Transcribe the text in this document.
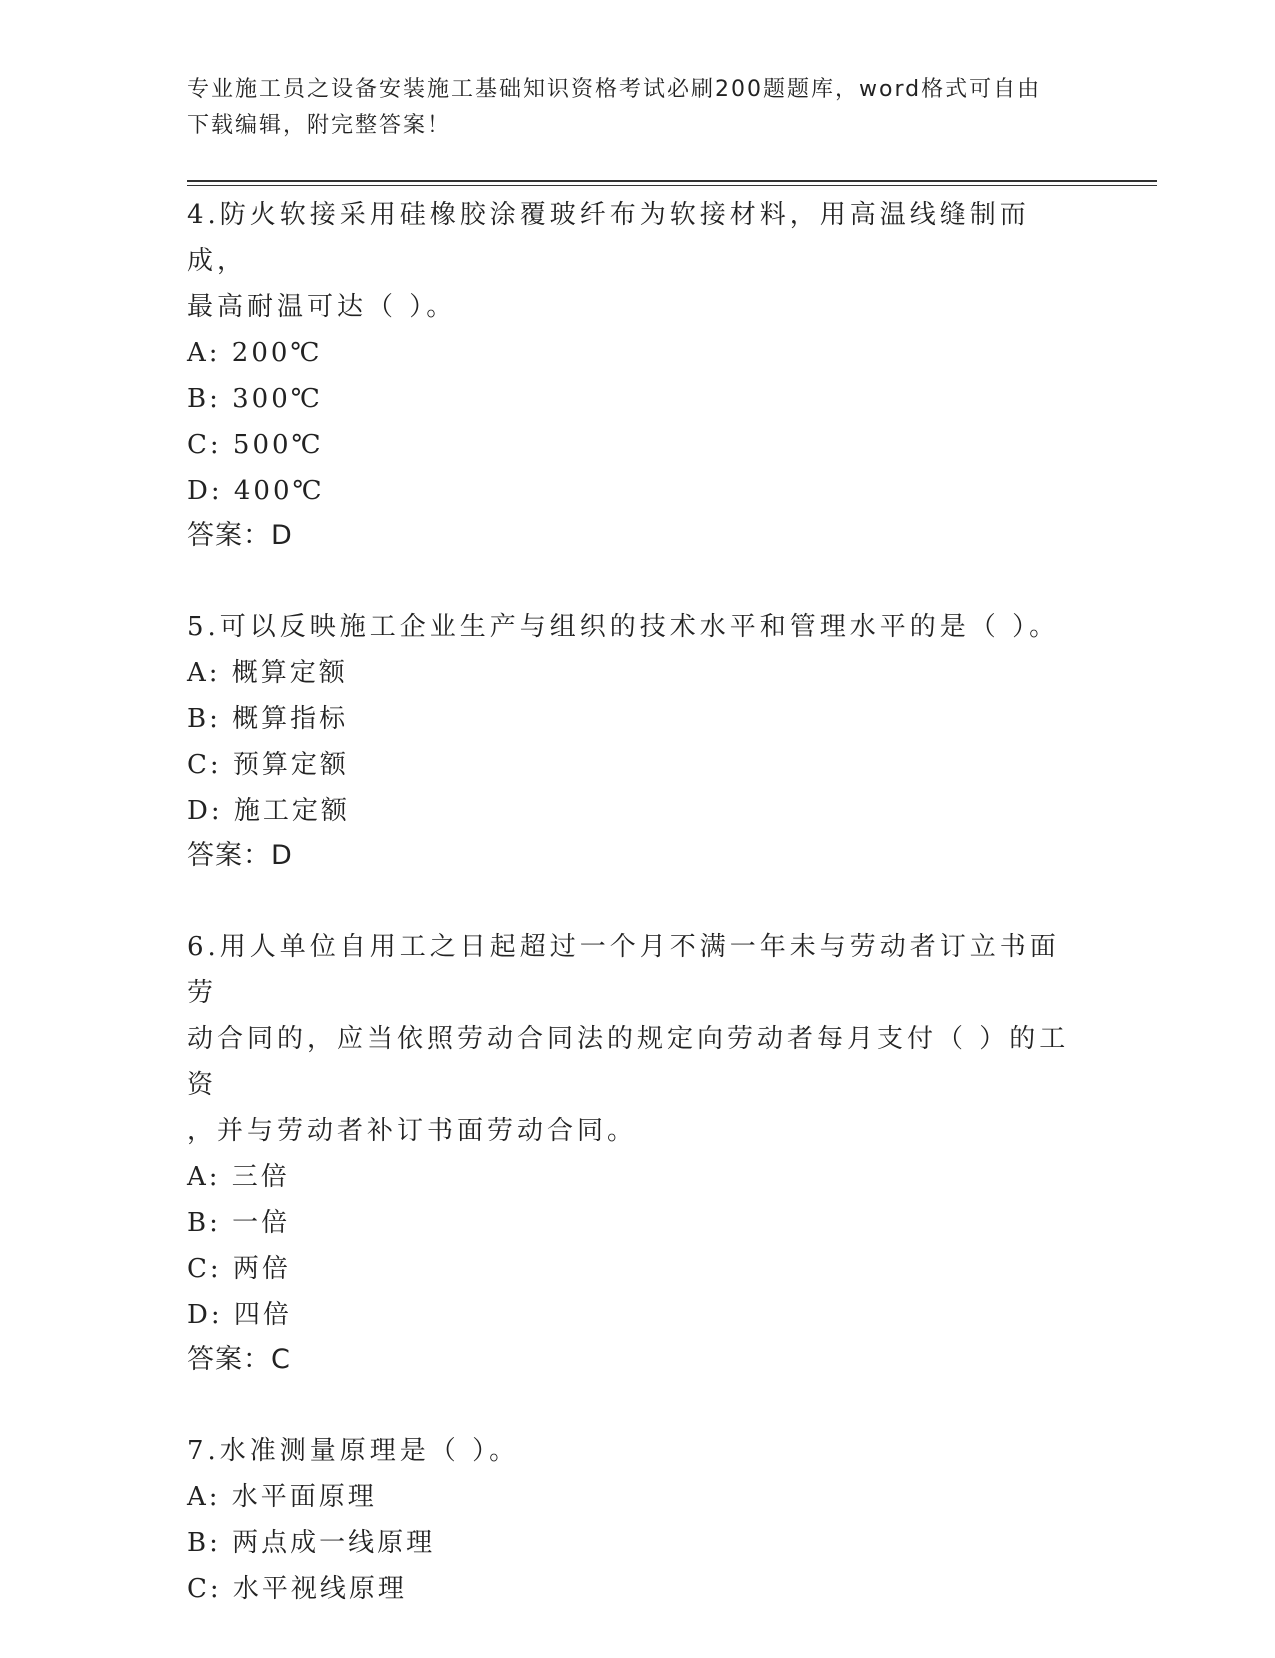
专业施工员之设备安装施工基础知识资格考试必刷200题题库，word格式可自由
下载编辑，附完整答案！
4.防火软接采用硅橡胶涂覆玻纤布为软接材料，用高温线缝制而成，
最高耐温可达（ ）。
A: 200℃
B: 300℃
C: 500℃
D: 400℃
答案：D
5.可以反映施工企业生产与组织的技术水平和管理水平的是（ ）。
A: 概算定额
B: 概算指标
C: 预算定额
D: 施工定额
答案：D
6.用人单位自用工之日起超过一个月不满一年未与劳动者订立书面劳
动合同的，应当依照劳动合同法的规定向劳动者每月支付（ ）的工资
，并与劳动者补订书面劳动合同。
A: 三倍
B: 一倍
C: 两倍
D: 四倍
答案：C
7.水准测量原理是（ ）。
A: 水平面原理
B: 两点成一线原理
C: 水平视线原理
